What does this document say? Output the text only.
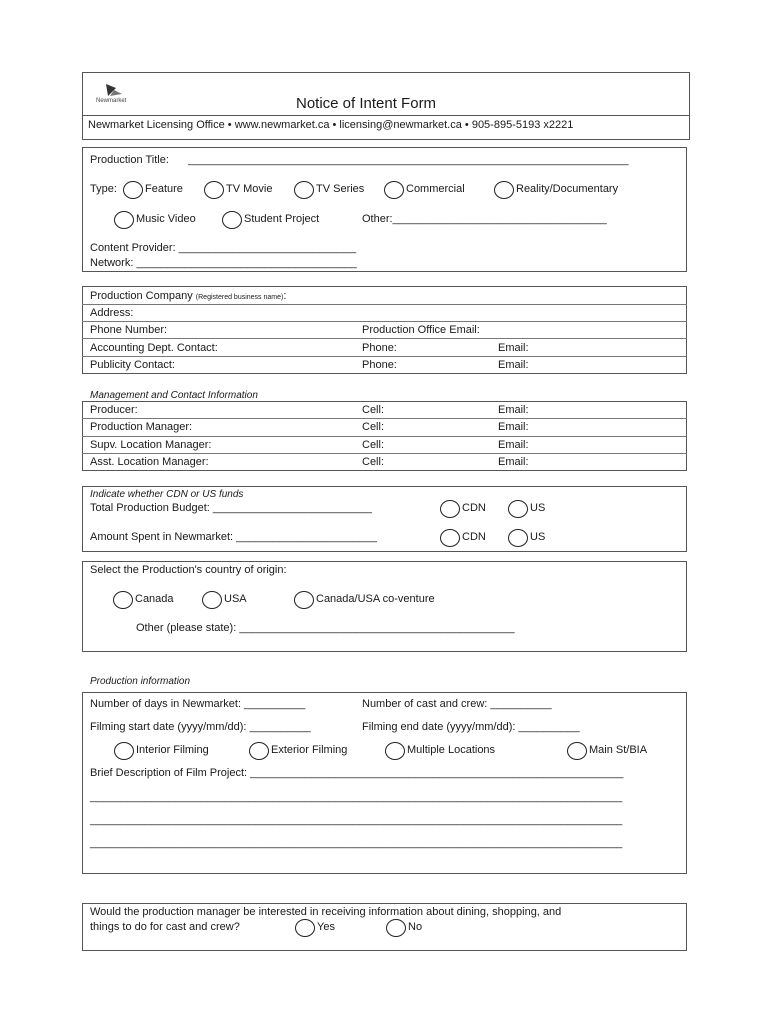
Newmarket	Notice of Intent Form
Newmarket Licensing Office • www.newmarket.ca • licensing@newmarket.ca • 905-895-5193 x2221
Production Title: ________________________________________________________________________
Type:	Feature	TV Movie	TV Series	Commercial	Reality/Documentary
Music Video	Student Project	Other:___________________________________
Content Provider: _____________________________
Network: ____________________________________
Production Company (Registered business name):
Address:
Phone Number:	Production Office Email:
Accounting Dept. Contact:	Phone:	Email:
Publicity Contact:	Phone:	Email:
Management and Contact Information
Producer:	Cell:	Email:
Production Manager:	Cell:	Email:
Supv. Location Manager:	Cell:	Email:
Asst. Location Manager:	Cell:	Email:
Indicate whether CDN or US funds
Total Production Budget: __________________________	CDN	US
Amount Spent in Newmarket: _______________________	CDN	US
Select the Production's country of origin:
Canada	USA	Canada/USA co-venture
Other (please state): _____________________________________________
Production information
Number of days in Newmarket: __________	Number of cast and crew: __________
Filming start date (yyyy/mm/dd): __________	Filming end date (yyyy/mm/dd): __________
Interior Filming	Exterior Filming	Multiple Locations	Main St/BIA
Brief Description of Film Project: _____________________________________________________________
_______________________________________________________________________________________
_______________________________________________________________________________________
_______________________________________________________________________________________
Would the production manager be interested in receiving information about dining, shopping, and
things to do for cast and crew?	Yes	No
